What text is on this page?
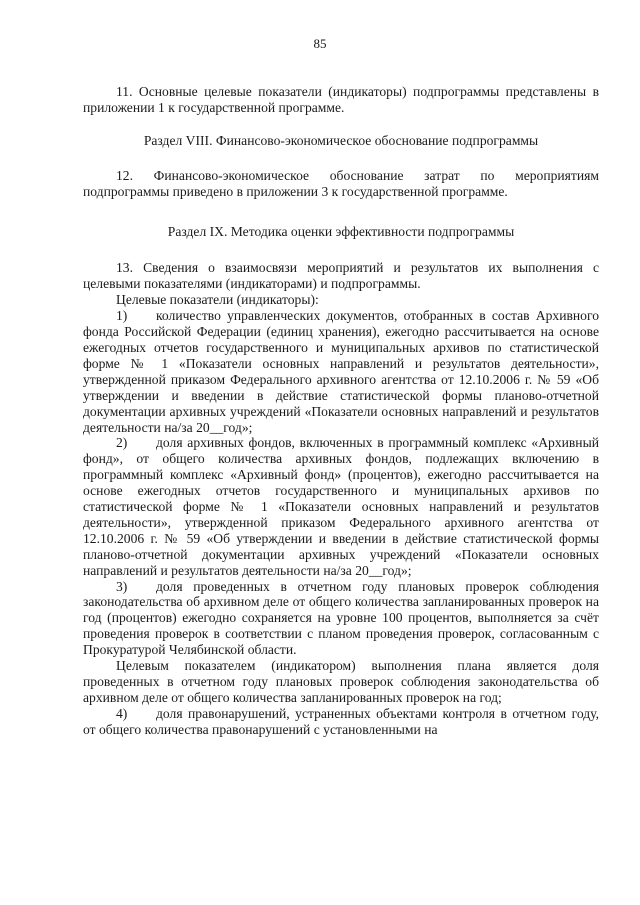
85

11. Основные целевые показатели (индикаторы) подпрограммы представлены в приложении 1 к государственной программе.

Раздел VIII. Финансово-экономическое обоснование подпрограммы

12. Финансово-экономическое обоснование затрат по мероприятиям подпрограммы приведено в приложении 3 к государственной программе.

Раздел IX. Методика оценки эффективности подпрограммы

13. Сведения о взаимосвязи мероприятий и результатов их выполнения с целевыми показателями (индикаторами) и подпрограммы.

Целевые показатели (индикаторы):

1) количество управленческих документов, отобранных в состав Архивного фонда Российской Федерации (единиц хранения), ежегодно рассчитывается на основе ежегодных отчетов государственного и муниципальных архивов по статистической форме № 1 «Показатели основных направлений и результатов деятельности», утвержденной приказом Федерального архивного агентства от 12.10.2006 г. № 59 «Об утверждении и введении в действие статистической формы планово-отчетной документации архивных учреждений «Показатели основных направлений и результатов деятельности на/за 20__год»;

2) доля архивных фондов, включенных в программный комплекс «Архивный фонд», от общего количества архивных фондов, подлежащих включению в программный комплекс «Архивный фонд» (процентов), ежегодно рассчитывается на основе ежегодных отчетов государственного и муниципальных архивов по статистической форме № 1 «Показатели основных направлений и результатов деятельности», утвержденной приказом Федерального архивного агентства от 12.10.2006 г. № 59 «Об утверждении и введении в действие статистической формы планово-отчетной документации архивных учреждений «Показатели основных направлений и результатов деятельности на/за 20__год»;

3) доля проведенных в отчетном году плановых проверок соблюдения законодательства об архивном деле от общего количества запланированных проверок на год (процентов) ежегодно сохраняется на уровне 100 процентов, выполняется за счёт проведения проверок в соответствии с планом проведения проверок, согласованным с Прокуратурой Челябинской области.

Целевым показателем (индикатором) выполнения плана является доля проведенных в отчетном году плановых проверок соблюдения законодательства об архивном деле от общего количества запланированных проверок на год;

4) доля правонарушений, устраненных объектами контроля в отчетном году, от общего количества правонарушений с установленными на
